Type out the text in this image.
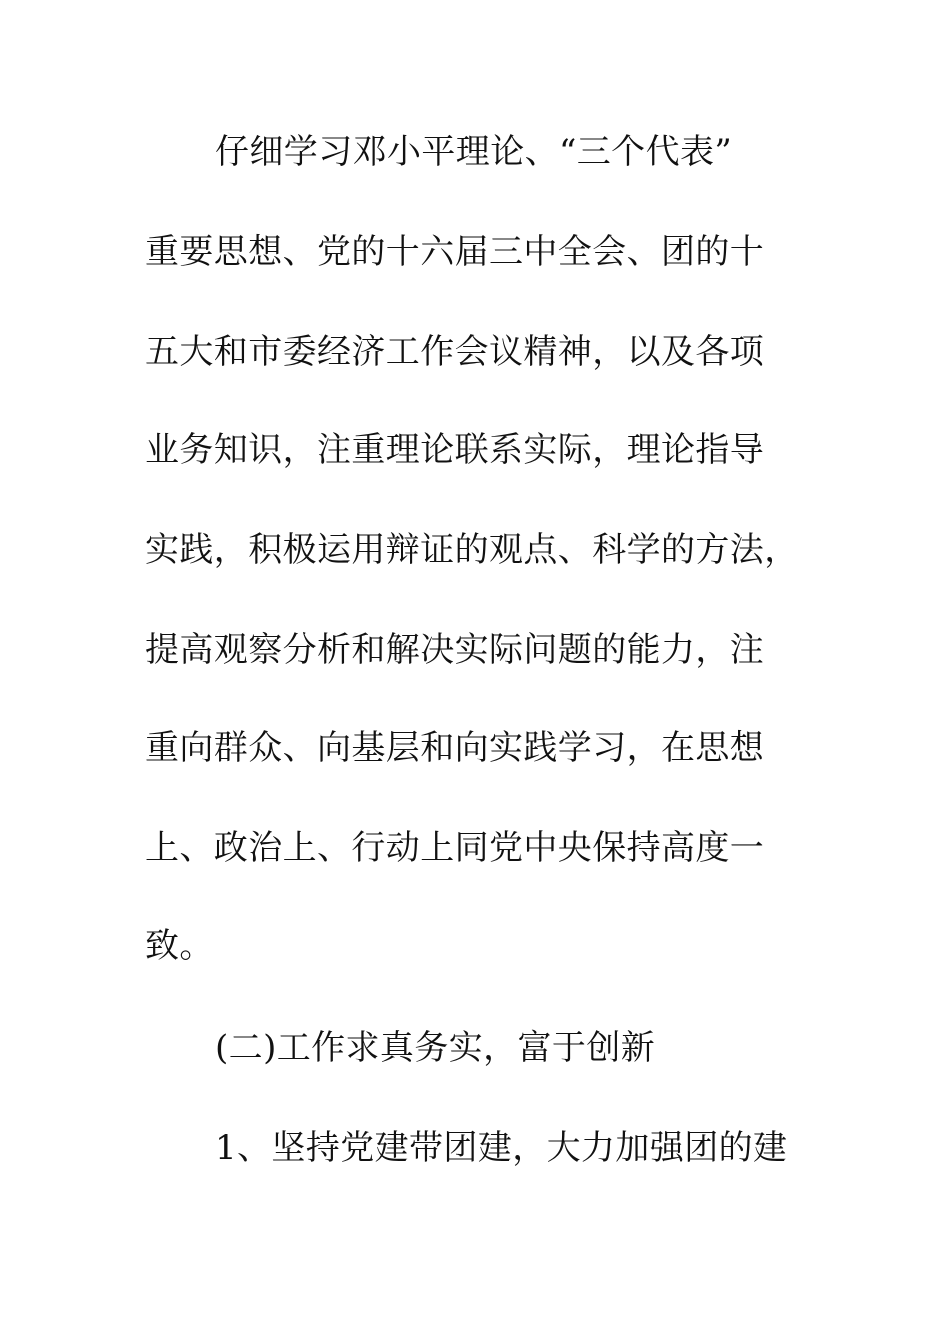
仔细学习邓小平理论、“三个代表”
重要思想、党的十六届三中全会、团的十
五大和市委经济工作会议精神，以及各项
业务知识，注重理论联系实际，理论指导
实践，积极运用辩证的观点、科学的方法，
提高观察分析和解决实际问题的能力，注
重向群众、向基层和向实践学习，在思想
上、政治上、行动上同党中央保持高度一
致。
(二)工作求真务实，富于创新
1、坚持党建带团建，大力加强团的建
